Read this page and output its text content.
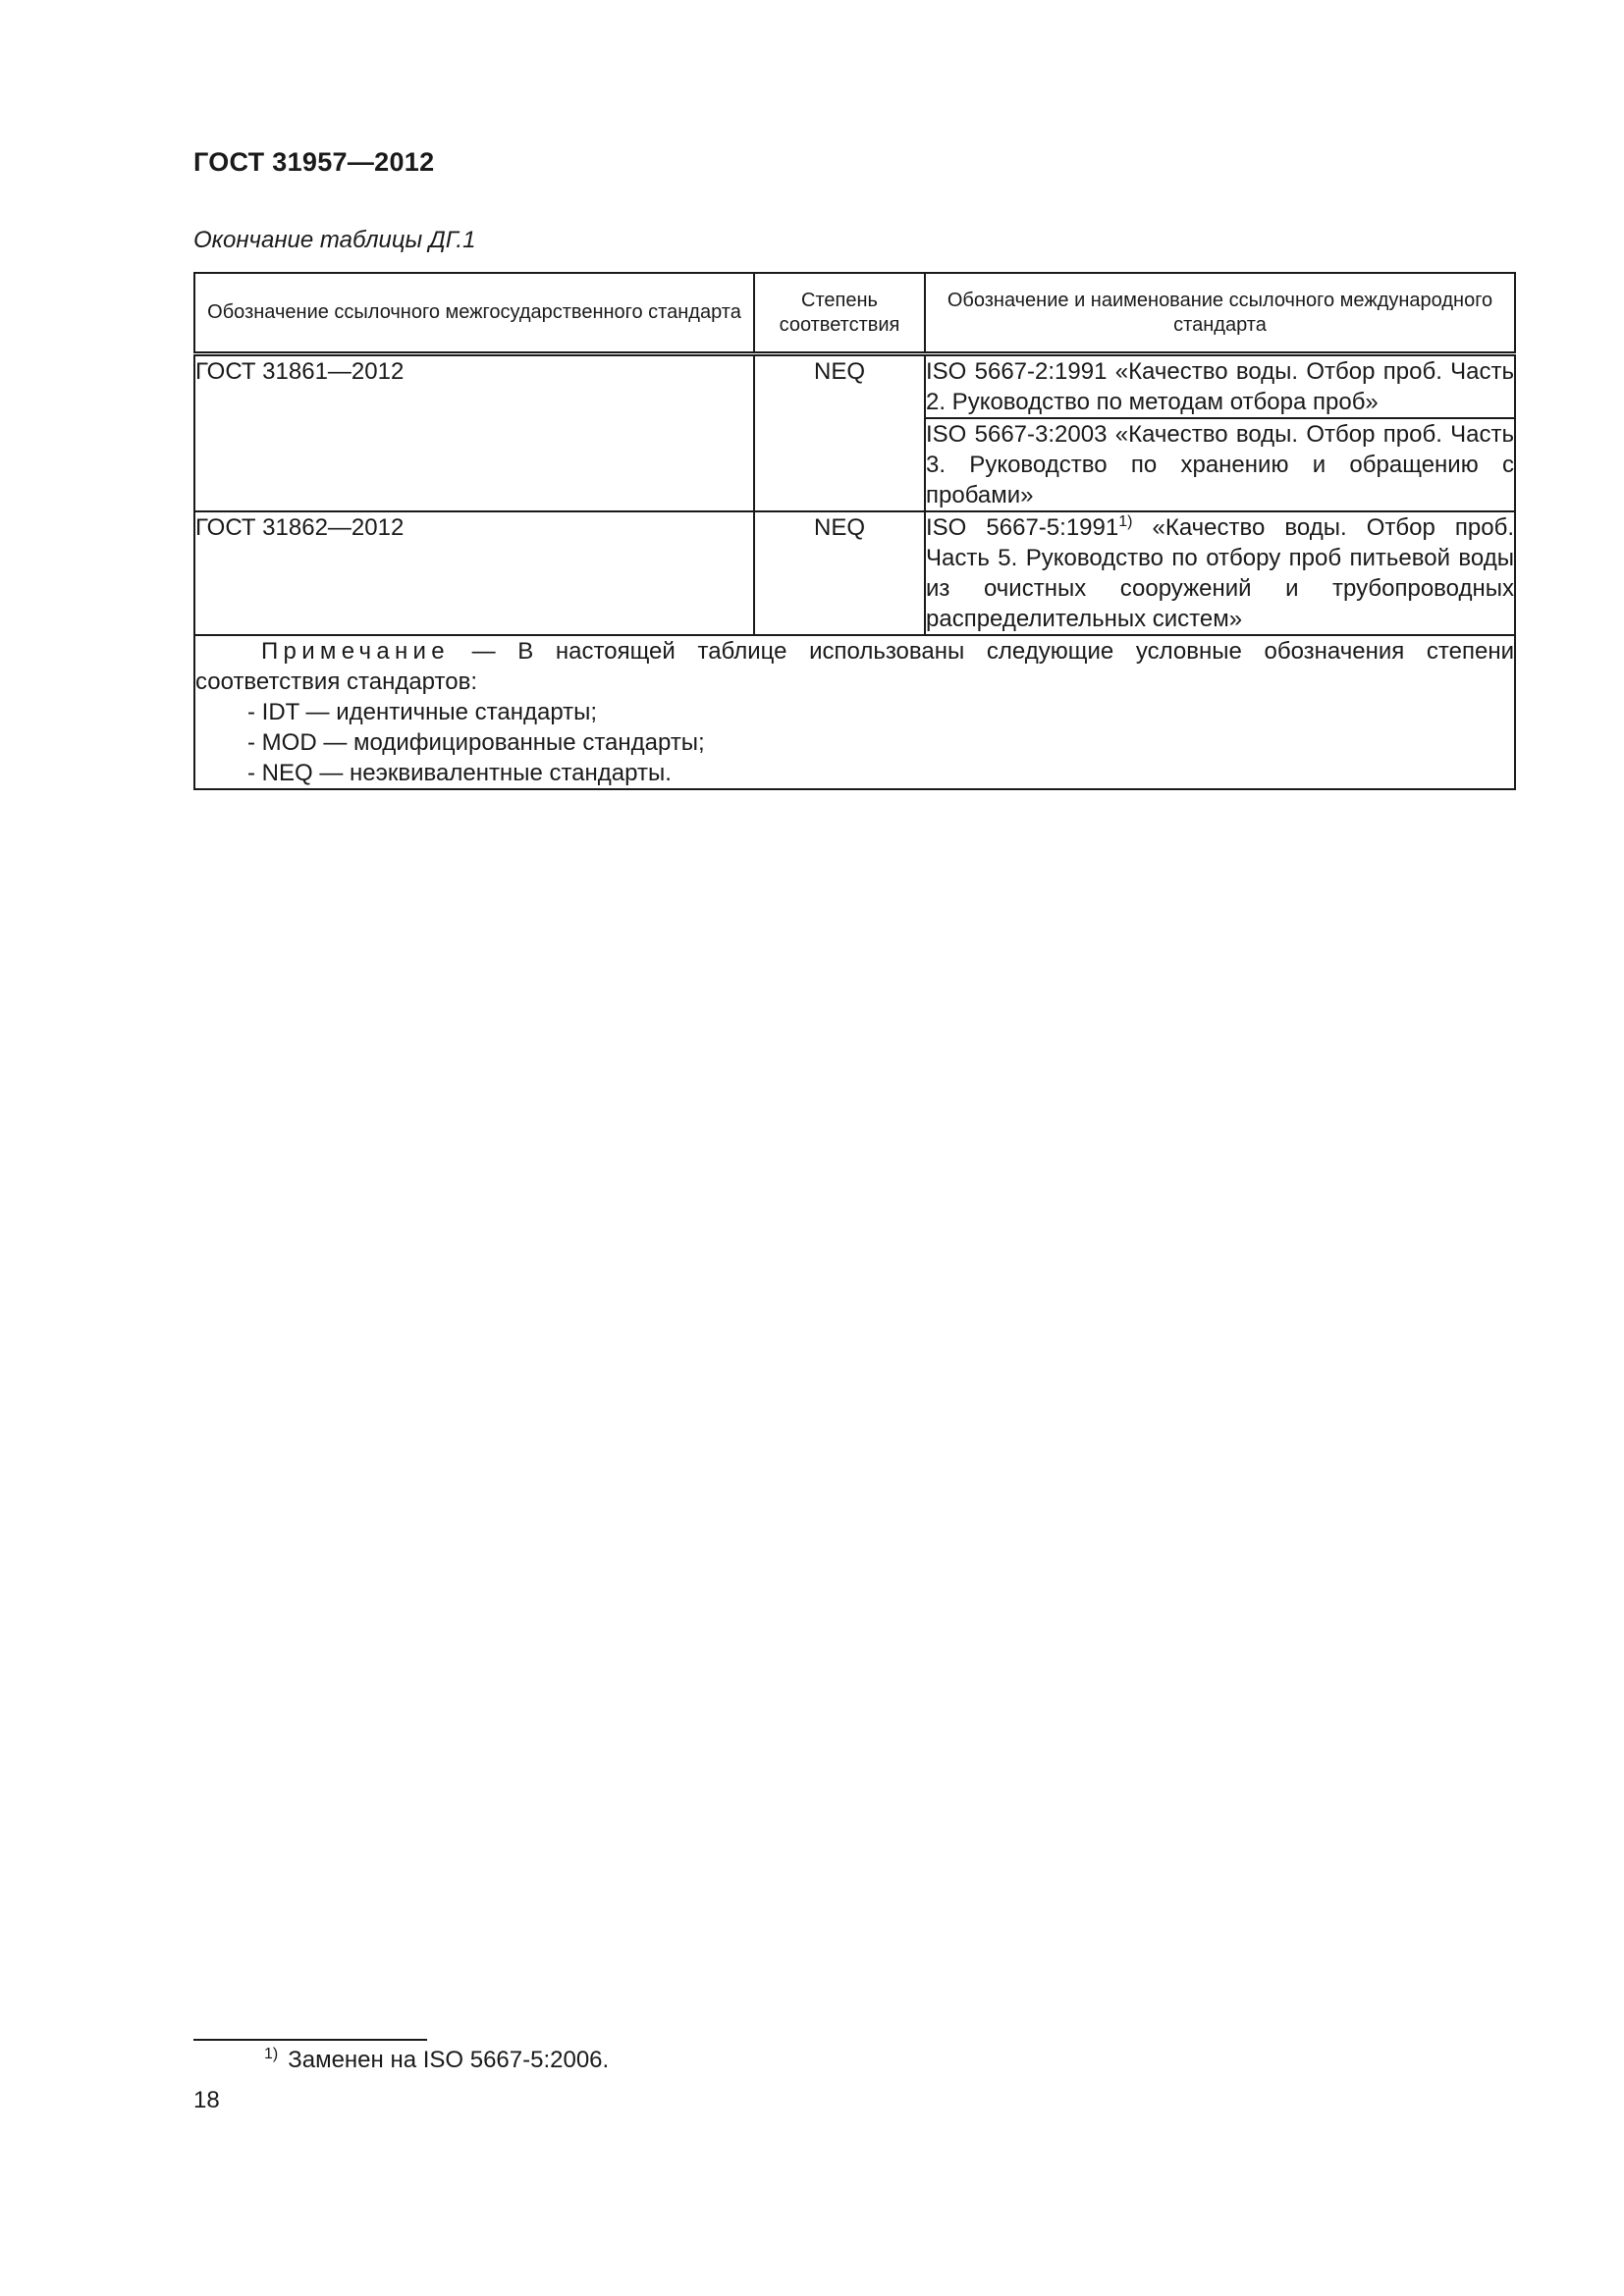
ГОСТ 31957—2012
Окончание таблицы ДГ.1
Обозначение ссылочного межгосударственного стандарта	Степень соответствия	Обозначение и наименование ссылочного международного стандарта
ГОСТ 31861—2012	NEQ	ISO 5667-2:1991 «Качество воды. Отбор проб. Часть 2. Руководство по методам отбора проб»
		ISO 5667-3:2003 «Качество воды. Отбор проб. Часть 3. Руководство по хранению и обращению с пробами»
ГОСТ 31862—2012	NEQ	ISO 5667-5:1991$^{1)}$ «Качество воды. Отбор проб. Часть 5. Руководство по отбору проб питьевой воды из очистных сооружений и трубопроводных распределительных систем»

Примечание — В настоящей таблице использованы следующие условные обозначения степени соответствия стандартов:
- IDT — идентичные стандарты;
- MOD — модифицированные стандарты;
- NEQ — неэквивалентные стандарты.		
$^{1)}$ Заменен на ISO 5667-5:2006.
18
